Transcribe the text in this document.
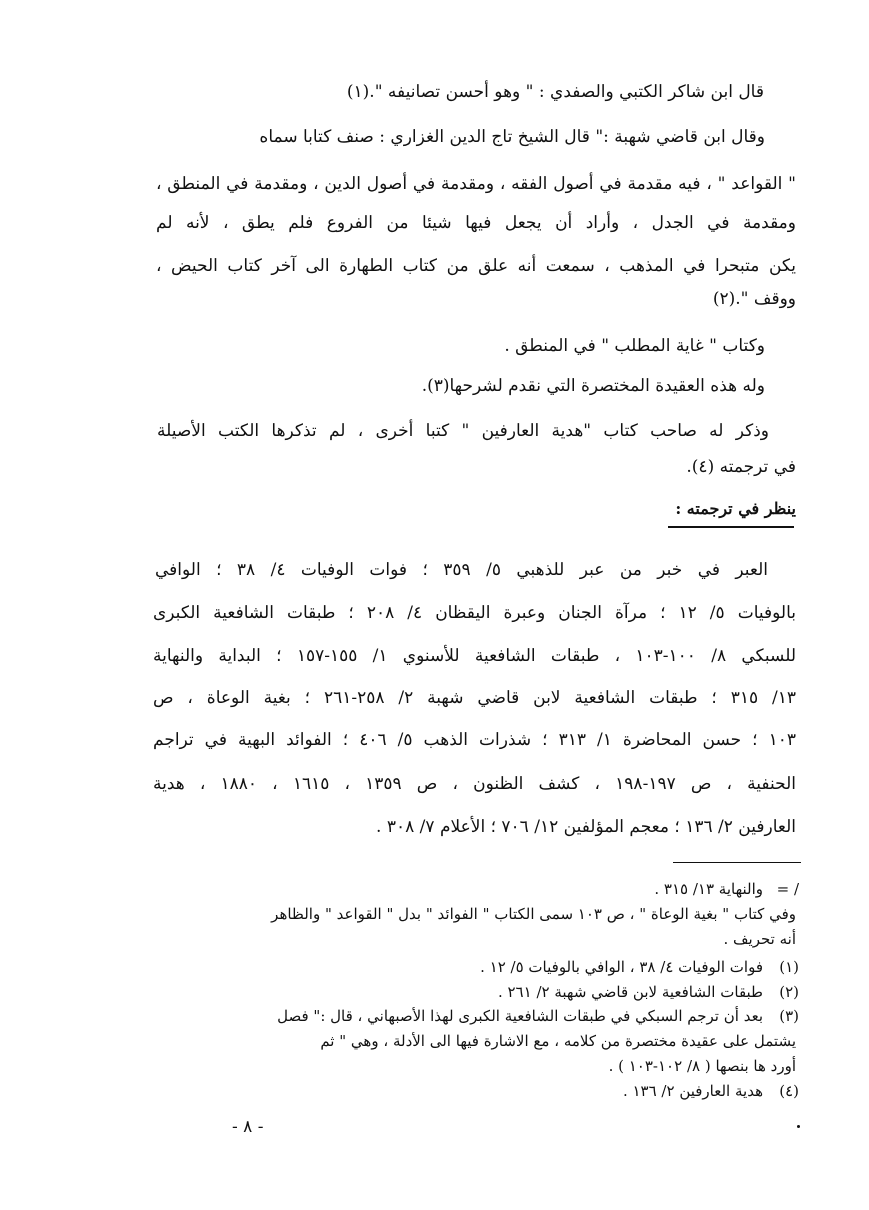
قال ابن شاكر الكتبي والصفدي : " وهو أحسن تصانيفه ".(١)
وقال ابن قاضي شهبة :" قال الشيخ تاج الدين الغزاري : صنف كتابا سماه
" القواعد " ، فيه مقدمة في أصول الفقه ، ومقدمة في أصول الدين ، ومقدمة في المنطق ،
ومقدمة في الجدل ، وأراد أن يجعل فيها شيئا من الفروع فلم يطق ، لأنه لم
يكن متبحرا في المذهب ، سمعت أنه علق من كتاب الطهارة الى آخر كتاب الحيض ،
ووقف ".(٢)
وكتاب " غاية المطلب " في المنطق .
وله هذه العقيدة المختصرة التي نقدم لشرحها(٣).
وذكر له صاحب كتاب "هدية العارفين " كتبا أخرى ، لم تذكرها الكتب الأصيلة
في ترجمته (٤).
ينظر في ترجمته :
العبر في خبر من عبر للذهبي ٥/ ٣٥٩ ؛ فوات الوفيات ٤/ ٣٨ ؛ الوافي
بالوفيات ٥/ ١٢ ؛ مرآة الجنان وعبرة اليقظان ٤/ ٢٠٨ ؛ طبقات الشافعية الكبرى
للسبكي ٨/ ١٠٠-١٠٣ ، طبقات الشافعية للأسنوي ١/ ١٥٥-١٥٧ ؛ البداية والنهاية
١٣/ ٣١٥ ؛ طبقات الشافعية لابن قاضي شهبة ٢/ ٢٥٨-٢٦١ ؛ بغية الوعاة ، ص
١٠٣ ؛ حسن المحاضرة ١/ ٣١٣ ؛ شذرات الذهب ٥/ ٤٠٦ ؛ الفوائد البهية في تراجم
الحنفية ، ص ١٩٧-١٩٨ ، كشف الظنون ، ص ١٣٥٩ ، ١٦١٥ ، ١٨٨٠ ، هدية
العارفين ٢/ ١٣٦ ؛ معجم المؤلفين ١٢/ ٧٠٦ ؛ الأعلام ٧/ ٣٠٨ .
/ =
والنهاية ١٣/ ٣١٥ .
وفي كتاب " بغية الوعاة " ، ص ١٠٣ سمى الكتاب " الفوائد " بدل " القواعد " والظاهر
أنه تحريف .
(١)
فوات الوفيات ٤/ ٣٨ ، الوافي بالوفيات ٥/ ١٢ .
(٢)
طبقات الشافعية لابن قاضي شهبة ٢/ ٢٦١ .
(٣)
بعد أن ترجم السبكي في طبقات الشافعية الكبرى لهذا الأصبهاني ، قال :" فصل
يشتمل على عقيدة مختصرة من كلامه ، مع الاشارة فيها الى الأدلة ، وهي " ثم
أورد ها بنصها ( ٨/ ١٠٢-١٠٣ ) .
(٤)
هدية العارفين ٢/ ١٣٦ .
- ٨ -
